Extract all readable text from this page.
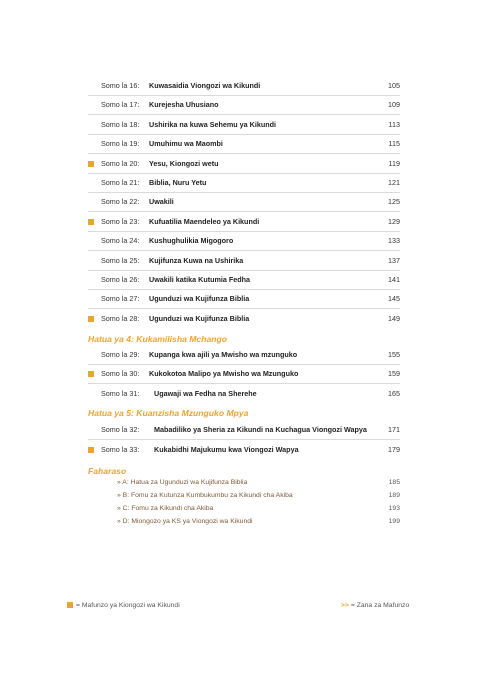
Somo la 16: Kuwasaidia Viongozi wa Kikundi	105
Somo la 17: Kurejesha Uhusiano	109
Somo la 18: Ushirika na kuwa Sehemu ya Kikundi	113
Somo la 19: Umuhimu wa Maombi	115
Somo la 20: Yesu, Kiongozi wetu	119
Somo la 21: Biblia, Nuru Yetu	121
Somo la 22: Uwakili	125
Somo la 23: Kufuatilia Maendeleo ya Kikundi	129
Somo la 24: Kushughulikia Migogoro	133
Somo la 25: Kujifunza Kuwa na Ushirika	137
Somo la 26: Uwakili katika Kutumia Fedha	141
Somo la 27: Ugunduzi wa Kujifunza Biblia	145
Somo la 28: Ugunduzi wa Kujifunza Biblia	149
Somo la 29: Kupanga kwa ajili ya Mwisho wa mzunguko	155
Somo la 30: Kukokotoa Malipo ya Mwisho wa Mzunguko	159
Somo la 31: Ugawaji wa Fedha na Sherehe	165
Somo la 32: Mabadiliko ya Sheria za Kikundi na Kuchagua Viongozi Wapya	171
Somo la 33: Kukabidhi Majukumu kwa Viongozi Wapya	179
Hatua ya 4: Kukamilisha Mchango
Hatua ya 5: Kuanzisha Mzunguko Mpya
Faharaso
» A: Hatua za Ugunduzi wa Kujifunza Biblia	185
» B: Fomu za Kutunza Kumbukumbu za Kikundi cha Akiba	189
» C: Fomu za Kikundi cha Akiba	193
» D: Miongozo ya KS ya Viongozi wa Kikundi	199
= Mafunzo ya Kiongozi wa Kikundi	>> = Zana za Mafunzo
